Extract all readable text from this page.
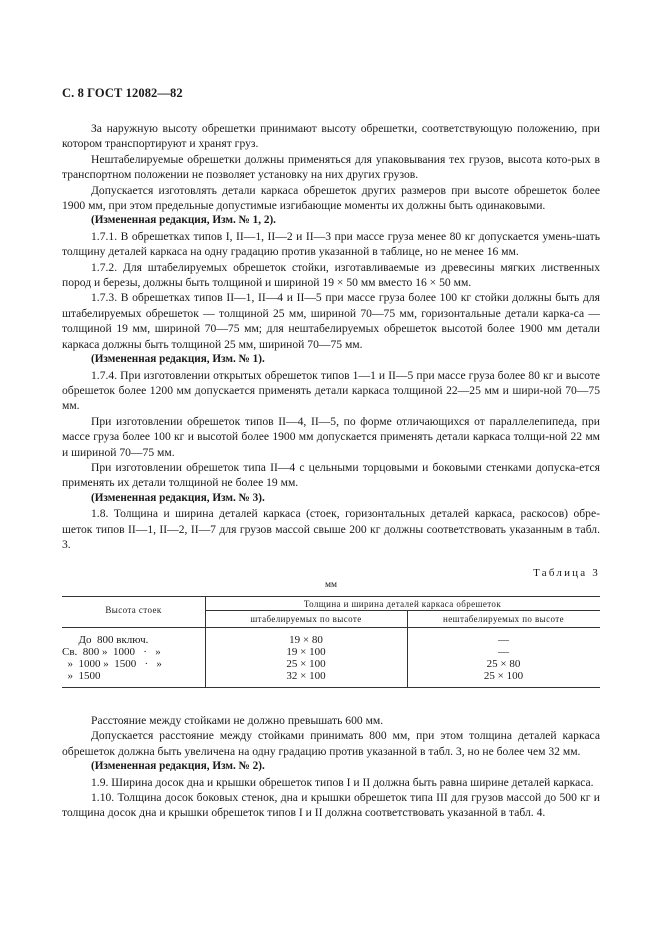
С. 8 ГОСТ 12082—82

За наружную высоту обрешетки принимают высоту обрешетки, соответствующую положению, при котором транспортируют и хранят груз.

Нештабелируемые обрешетки должны применяться для упаковывания тех грузов, высота кото-рых в транспортном положении не позволяет установку на них других грузов.

Допускается изготовлять детали каркаса обрешеток других размеров при высоте обрешеток более 1900 мм, при этом предельные допустимые изгибающие моменты их должны быть одинаковыми.

(Измененная редакция, Изм. № 1, 2).

1.7.1. В обрешетках типов I, II—1, II—2 и II—3 при массе груза менее 80 кг допускается умень-шать толщину деталей каркаса на одну градацию против указанной в таблице, но не менее 16 мм.

1.7.2. Для штабелируемых обрешеток стойки, изготавливаемые из древесины мягких лиственных пород и березы, должны быть толщиной и шириной 19 × 50 мм вместо 16 × 50 мм.

1.7.3. В обрешетках типов II—1, II—4 и II—5 при массе груза более 100 кг стойки должны быть для штабелируемых обрешеток — толщиной 25 мм, шириной 70—75 мм, горизонтальные детали карка-са — толщиной 19 мм, шириной 70—75 мм; для нештабелируемых обрешеток высотой более 1900 мм детали каркаса должны быть толщиной 25 мм, шириной 70—75 мм.

(Измененная редакция, Изм. № 1).

1.7.4. При изготовлении открытых обрешеток типов 1—1 и II—5 при массе груза более 80 кг и высоте обрешеток более 1200 мм допускается применять детали каркаса толщиной 22—25 мм и шири-ной 70—75 мм.

При изготовлении обрешеток типов II—4, II—5, по форме отличающихся от параллелепипеда, при массе груза более 100 кг и высотой более 1900 мм допускается применять детали каркаса толщи-ной 22 мм и шириной 70—75 мм.

При изготовлении обрешеток типа II—4 с цельными торцовыми и боковыми стенками допуска-ется применять их детали толщиной не более 19 мм.

(Измененная редакция, Изм. № 3).

1.8. Толщина и ширина деталей каркаса (стоек, горизонтальных деталей каркаса, раскосов) обре-шеток типов II—1, II—2, II—7 для грузов массой свыше 200 кг должны соответствовать указанным в табл. 3.

Таблица 3
мм
Высота стоек
Толщина и ширина деталей каркаса обрешеток
штабелируемых по высоте	нештабелируемых по высоте
До  800 включ.	19 × 80	—
Св.  800 »  1000   ·   »	19 × 100	—
»  1000 »  1500   ·   »	25 × 100	25 × 80
»  1500	32 × 100	25 × 100

Расстояние между стойками не должно превышать 600 мм.

Допускается расстояние между стойками принимать 800 мм, при этом толщина деталей каркаса обрешеток должна быть увеличена на одну градацию против указанной в табл. 3, но не более чем 32 мм.

(Измененная редакция, Изм. № 2).

1.9. Ширина досок дна и крышки обрешеток типов I и II должна быть равна ширине деталей каркаса.

1.10. Толщина досок боковых стенок, дна и крышки обрешеток типа III для грузов массой до 500 кг и толщина досок дна и крышки обрешеток типов I и II должна соответствовать указанной в табл. 4.
